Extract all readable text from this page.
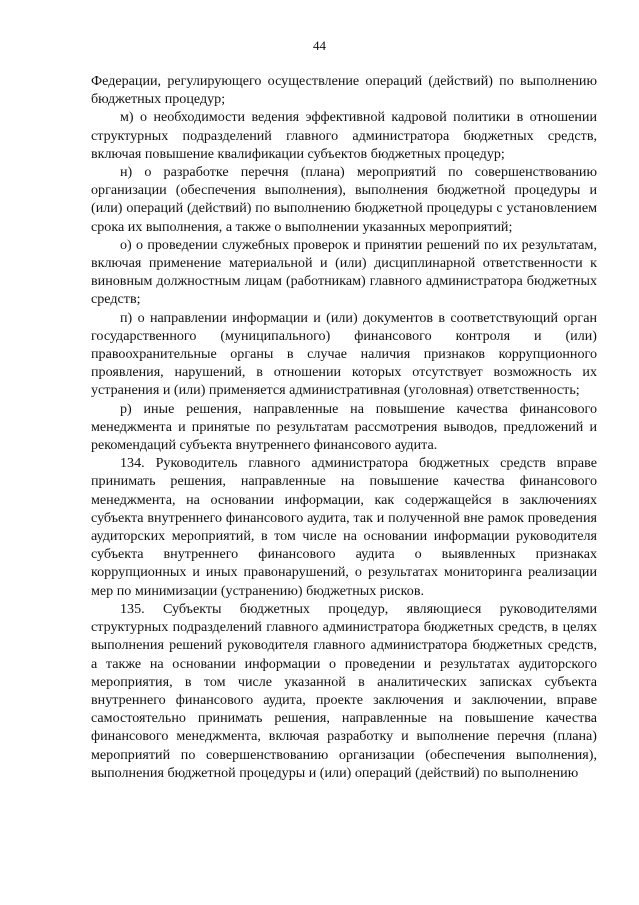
44

Федерации, регулирующего осуществление операций (действий) по выполнению бюджетных процедур;

м) о необходимости ведения эффективной кадровой политики в отношении структурных подразделений главного администратора бюджетных средств, включая повышение квалификации субъектов бюджетных процедур;

н) о разработке перечня (плана) мероприятий по совершенствованию организации (обеспечения выполнения), выполнения бюджетной процедуры и (или) операций (действий) по выполнению бюджетной процедуры с установлением срока их выполнения, а также о выполнении указанных мероприятий;

о) о проведении служебных проверок и принятии решений по их результатам, включая применение материальной и (или) дисциплинарной ответственности к виновным должностным лицам (работникам) главного администратора бюджетных средств;

п) о направлении информации и (или) документов в соответствующий орган государственного (муниципального) финансового контроля и (или) правоохранительные органы в случае наличия признаков коррупционного проявления, нарушений, в отношении которых отсутствует возможность их устранения и (или) применяется административная (уголовная) ответственность;

р) иные решения, направленные на повышение качества финансового менеджмента и принятые по результатам рассмотрения выводов, предложений и рекомендаций субъекта внутреннего финансового аудита.

134. Руководитель главного администратора бюджетных средств вправе принимать решения, направленные на повышение качества финансового менеджмента, на основании информации, как содержащейся в заключениях субъекта внутреннего финансового аудита, так и полученной вне рамок проведения аудиторских мероприятий, в том числе на основании информации руководителя субъекта внутреннего финансового аудита о выявленных признаках коррупционных и иных правонарушений, о результатах мониторинга реализации мер по минимизации (устранению) бюджетных рисков.

135. Субъекты бюджетных процедур, являющиеся руководителями структурных подразделений главного администратора бюджетных средств, в целях выполнения решений руководителя главного администратора бюджетных средств, а также на основании информации о проведении и результатах аудиторского мероприятия, в том числе указанной в аналитических записках субъекта внутреннего финансового аудита, проекте заключения и заключении, вправе самостоятельно принимать решения, направленные на повышение качества финансового менеджмента, включая разработку и выполнение перечня (плана) мероприятий по совершенствованию организации (обеспечения выполнения), выполнения бюджетной процедуры и (или) операций (действий) по выполнению
